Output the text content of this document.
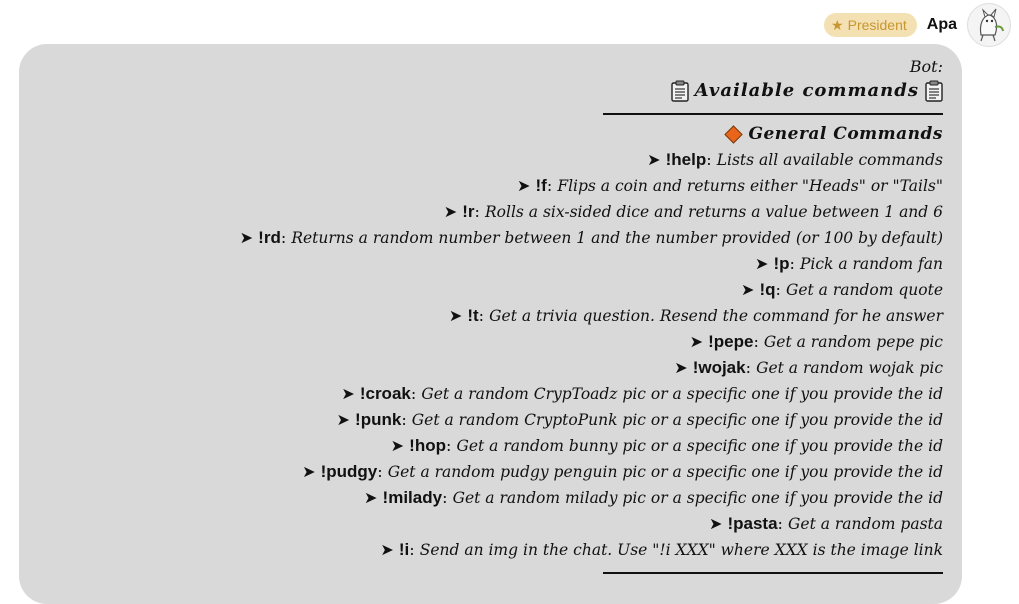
★ President Apa
Bot:
Available commands
General Commands
➤ !help: Lists all available commands
➤ !f: Flips a coin and returns either "Heads" or "Tails"
➤ !r: Rolls a six-sided dice and returns a value between 1 and 6
➤ !rd: Returns a random number between 1 and the number provided (or 100 by default)
➤ !p: Pick a random fan
➤ !q: Get a random quote
➤ !t: Get a trivia question. Resend the command for he answer
➤ !pepe: Get a random pepe pic
➤ !wojak: Get a random wojak pic
➤ !croak: Get a random CrypToadz pic or a specific one if you provide the id
➤ !punk: Get a random CryptoPunk pic or a specific one if you provide the id
➤ !hop: Get a random bunny pic or a specific one if you provide the id
➤ !pudgy: Get a random pudgy penguin pic or a specific one if you provide the id
➤ !milady: Get a random milady pic or a specific one if you provide the id
➤ !pasta: Get a random pasta
➤ !i: Send an img in the chat. Use "!i XXX" where XXX is the image link
